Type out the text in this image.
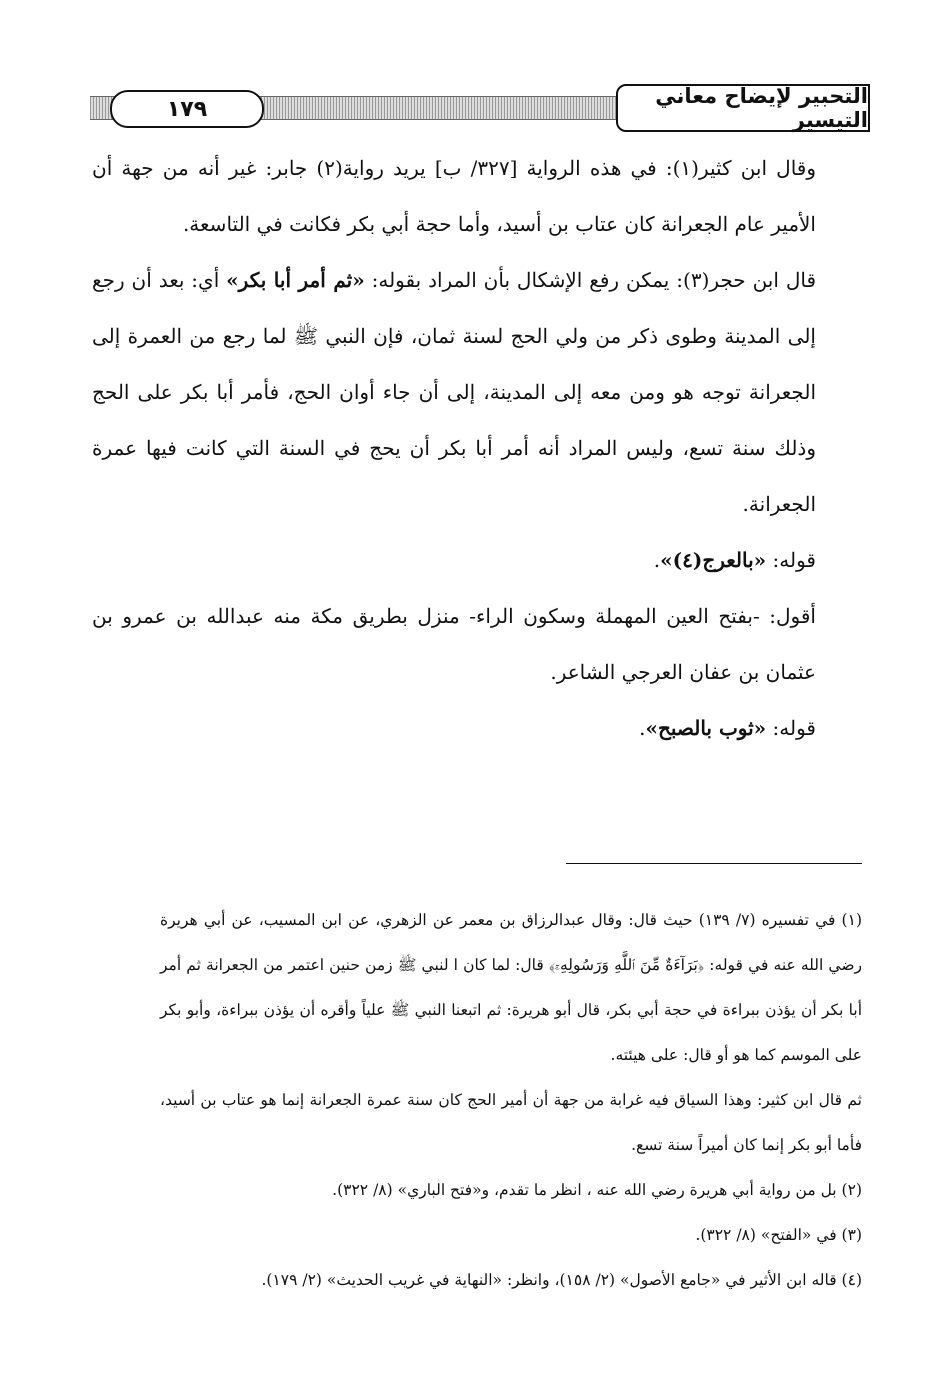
١٧٩
التحبير لإيضاح معاني التيسير

وقال ابن كثير(١): في هذه الرواية [٣٢٧/ ب] يريد رواية(٢) جابر: غير أنه من جهة أن الأمير عام الجعرانة كان عتاب بن أسيد، وأما حجة أبي بكر فكانت في التاسعة.

قال ابن حجر(٣): يمكن رفع الإشكال بأن المراد بقوله: «ثم أمر أبا بكر» أي: بعد أن رجع إلى المدينة وطوى ذكر من ولي الحج لسنة ثمان، فإن النبي ﷺ لما رجع من العمرة إلى الجعرانة توجه هو ومن معه إلى المدينة، إلى أن جاء أوان الحج، فأمر أبا بكر على الحج وذلك سنة تسع، وليس المراد أنه أمر أبا بكر أن يحج في السنة التي كانت فيها عمرة الجعرانة.

قوله: «بالعرج(٤)».

أقول: -بفتح العين المهملة وسكون الراء- منزل بطريق مكة منه عبدالله بن عمرو بن عثمان بن عفان العرجي الشاعر.

قوله: «ثوب بالصبح».

(١) في تفسيره (٧/ ١٣٩) حيث قال: وقال عبدالرزاق بن معمر عن الزهري، عن ابن المسيب، عن أبي هريرة رضي الله عنه في قوله: ﴿بَرَآءَةٌ مِّنَ ٱللَّهِ وَرَسُولِهِۦٓ﴾ قال: لما كان ا لنبي ﷺ زمن حنين اعتمر من الجعرانة ثم أمر أبا بكر أن يؤذن ببراءة في حجة أبي بكر، قال أبو هريرة: ثم اتبعنا النبي ﷺ علياً وأقره أن يؤذن ببراءة، وأبو بكر على الموسم كما هو أو قال: على هيئته.

ثم قال ابن كثير: وهذا السياق فيه غرابة من جهة أن أمير الحج كان سنة عمرة الجعرانة إنما هو عتاب بن أسيد، فأما أبو بكر إنما كان أميراً سنة تسع.

(٢) بل من رواية أبي هريرة رضي الله عنه ، انظر ما تقدم، و«فتح الباري» (٨/ ٣٢٢).

(٣) في «الفتح» (٨/ ٣٢٢).

(٤) قاله ابن الأثير في «جامع الأصول» (٢/ ١٥٨)، وانظر: «النهاية في غريب الحديث» (٢/ ١٧٩).
